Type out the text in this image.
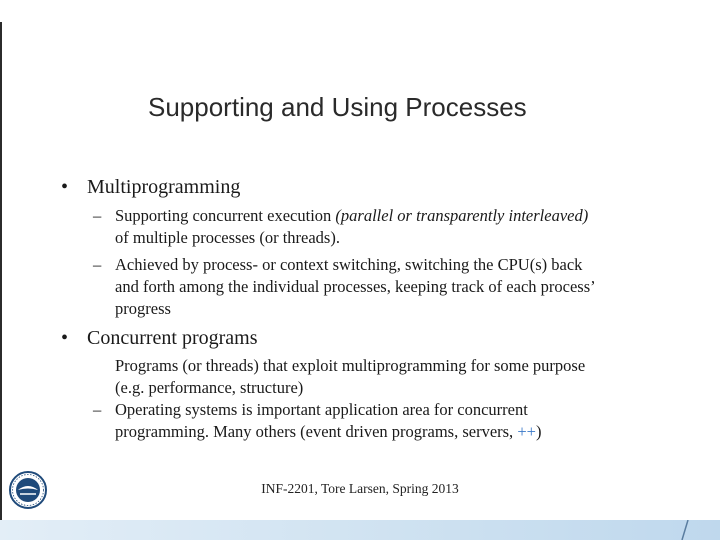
Supporting and Using Processes
• Multiprogramming
– Supporting concurrent execution (parallel or transparently interleaved)
of multiple processes (or threads).
– Achieved by process- or context switching, switching the CPU(s) back
and forth among the individual processes, keeping track of each process’
progress
• Concurrent programs
Programs (or threads) that exploit multiprogramming for some purpose
(e.g. performance, structure)
– Operating systems is important application area for concurrent
programming. Many others (event driven programs, servers, ++)
INF-2201, Tore Larsen, Spring 2013
